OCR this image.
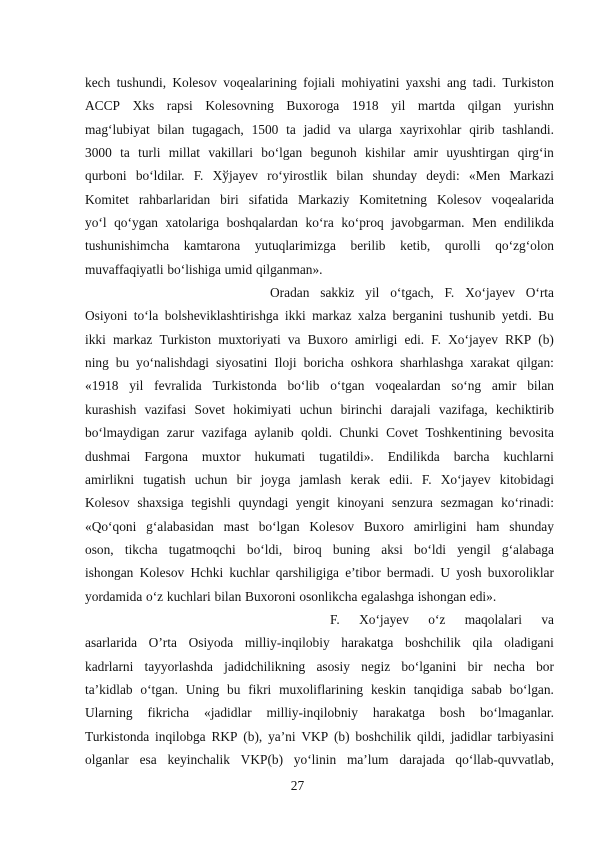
kech tushundi, Kolesov voqealarining fojiali mohiyatini yaxshi ang tadi. Turkiston
ACCP Xks rapsi Kolesovning Buxoroga 1918 yil martda qilgan yurishn
mag‘lubiyat bilan tugagach, 1500 ta jadid va ularga xayrixohlar qirib tashlandi.
3000 ta turli millat vakillari bo‘lgan begunoh kishilar amir uyushtirgan qirg‘in
qurboni bo‘ldilar. F. Xўjayev ro‘yirostlik bilan shunday deydi: «Men Markazi
Komitet rahbarlaridan biri sifatida Markaziy Komitetning Kolesov voqealarida
yo‘l qo‘ygan xatolariga boshqalardan ko‘ra ko‘proq javobgarman. Men endilikda
tushunishimcha kamtarona yutuqlarimizga berilib ketib, qurolli qo‘zg‘olon
muvaffaqiyatli bo‘lishiga umid qilganman».
Oradan sakkiz yil o‘tgach, F. Xo‘jayev O‘rta
Osiyoni to‘la bolsheviklashtirishga ikki markaz xalza berganini tushunib yetdi. Bu
ikki markaz Turkiston muxtoriyati va Buxoro amirligi edi. F. Xo‘jayev RKP (b)
ning bu yo‘nalishdagi siyosatini Iloji boricha oshkora sharhlashga xarakat qilgan:
«1918 yil fevralida Turkistonda bo‘lib o‘tgan voqealardan so‘ng amir bilan
kurashish vazifasi Sovet hokimiyati uchun birinchi darajali vazifaga, kechiktirib
bo‘lmaydigan zarur vazifaga aylanib qoldi. Chunki Covet Toshkentining bevosita
dushmai Fargona muxtor hukumati tugatildi». Endilikda barcha kuchlarni
amirlikni tugatish uchun bir joyga jamlash kerak edii. F. Xo‘jayev kitobidagi
Kolesov shaxsiga tegishli quyndagi yengit kinoyani senzura sezmagan ko‘rinadi:
«Qo‘qoni g‘alabasidan mast bo‘lgan Kolesov Buxoro amirligini ham shunday
oson, tikcha tugatmoqchi bo‘ldi, biroq buning aksi bo‘ldi yengil g‘alabaga
ishongan Kolesov Hchki kuchlar qarshiligiga e’tibor bermadi. U yosh buxoroliklar
yordamida o‘z kuchlari bilan Buxoroni osonlikcha egalashga ishongan edi».
F. Xo‘jayev o‘z maqolalari va
asarlarida O’rta Osiyoda milliy-inqilobiy harakatga boshchilik qila oladigani
kadrlarni tayyorlashda jadidchilikning asosiy negiz bo‘lganini bir necha bor
ta’kidlab o‘tgan. Uning bu fikri muxoliflarining keskin tanqidiga sabab bo‘lgan.
Ularning fikricha «jadidlar milliy-inqilobniy harakatga bosh bo‘lmaganlar.
Turkistonda inqilobga RKP (b), ya’ni VKP (b) boshchilik qildi, jadidlar tarbiyasini
olganlar esa keyinchalik VKP(b) yo‘linin ma’lum darajada qo‘llab-quvvatlab,
27
